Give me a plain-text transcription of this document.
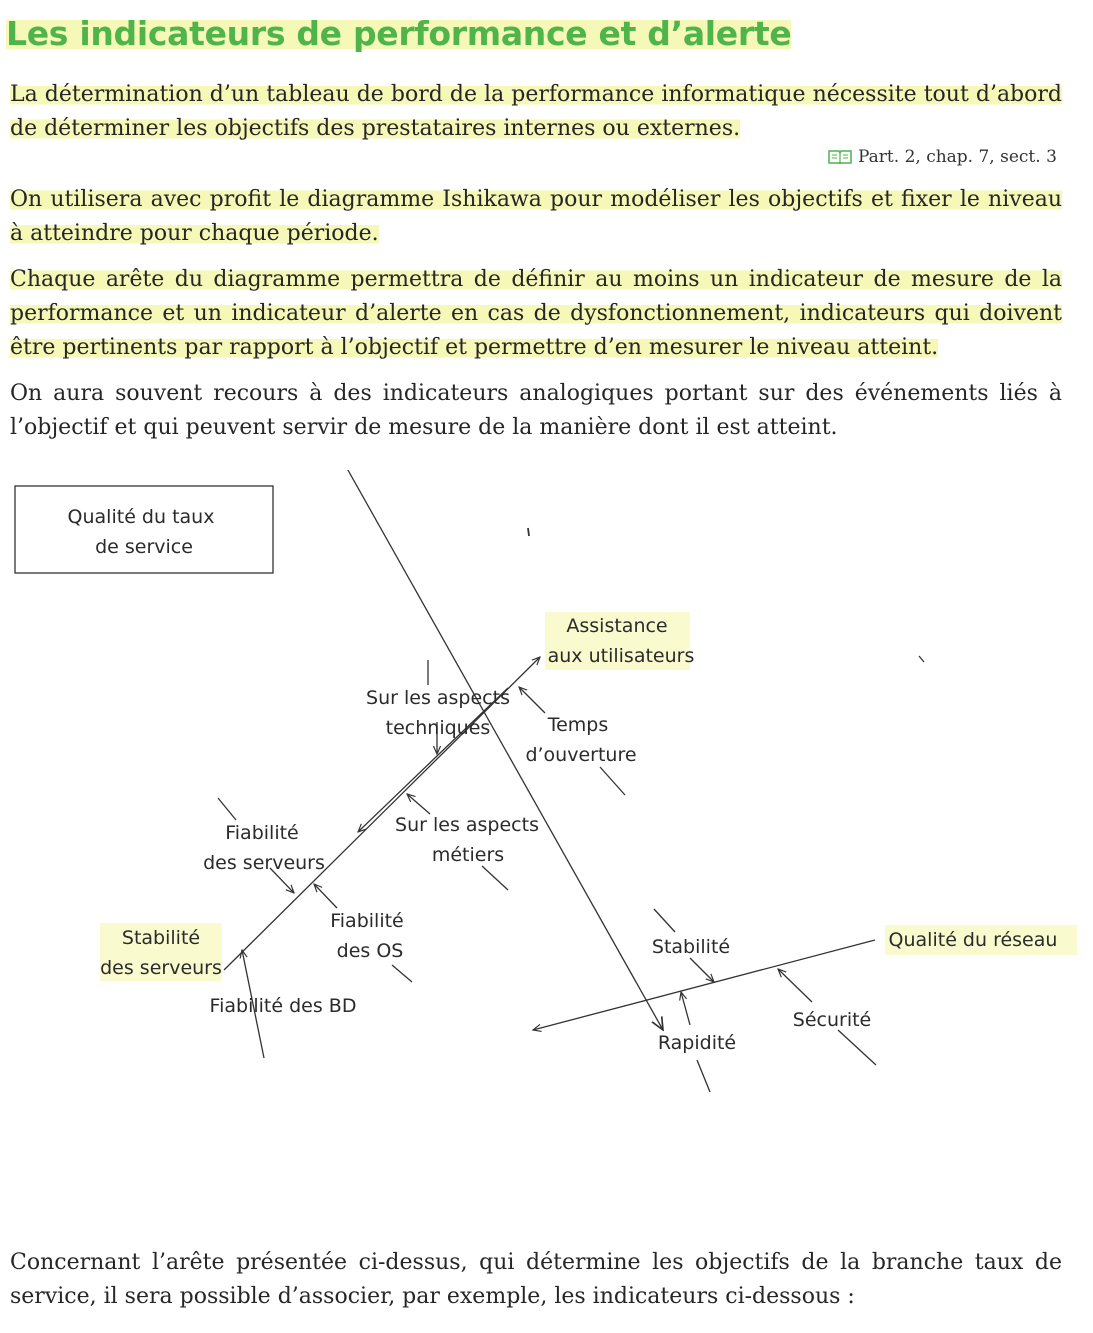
Les indicateurs de performance et d’alerte

La détermination d’un tableau de bord de la performance informatique nécessite tout d’abord de déterminer les objectifs des prestataires internes ou externes.

Part. 2, chap. 7, sect. 3

On utilisera avec profit le diagramme Ishikawa pour modéliser les objectifs et fixer le niveau à atteindre pour chaque période.

Chaque arête du diagramme permettra de définir au moins un indicateur de mesure de la performance et un indicateur d’alerte en cas de dysfonctionnement, indicateurs qui doivent être pertinents par rapport à l’objectif et permettre d’en mesurer le niveau atteint.

On aura souvent recours à des indicateurs analogiques portant sur des événements liés à l’objectif et qui peuvent servir de mesure de la manière dont il est atteint.

Qualité du taux
de service
Assistance
aux utilisateurs
Sur les aspects
techniques	Temps
d’ouverture
Sur les aspects
métiers
Fiabilité
des serveurs
Stabilité
des serveurs
Fiabilité
des OS
Fiabilité des BD
Stabilité	Qualité du réseau
Sécurité
Rapidité

Concernant l’arête présentée ci-dessus, qui détermine les objectifs de la branche taux de service, il sera possible d’associer, par exemple, les indicateurs ci-dessous :
